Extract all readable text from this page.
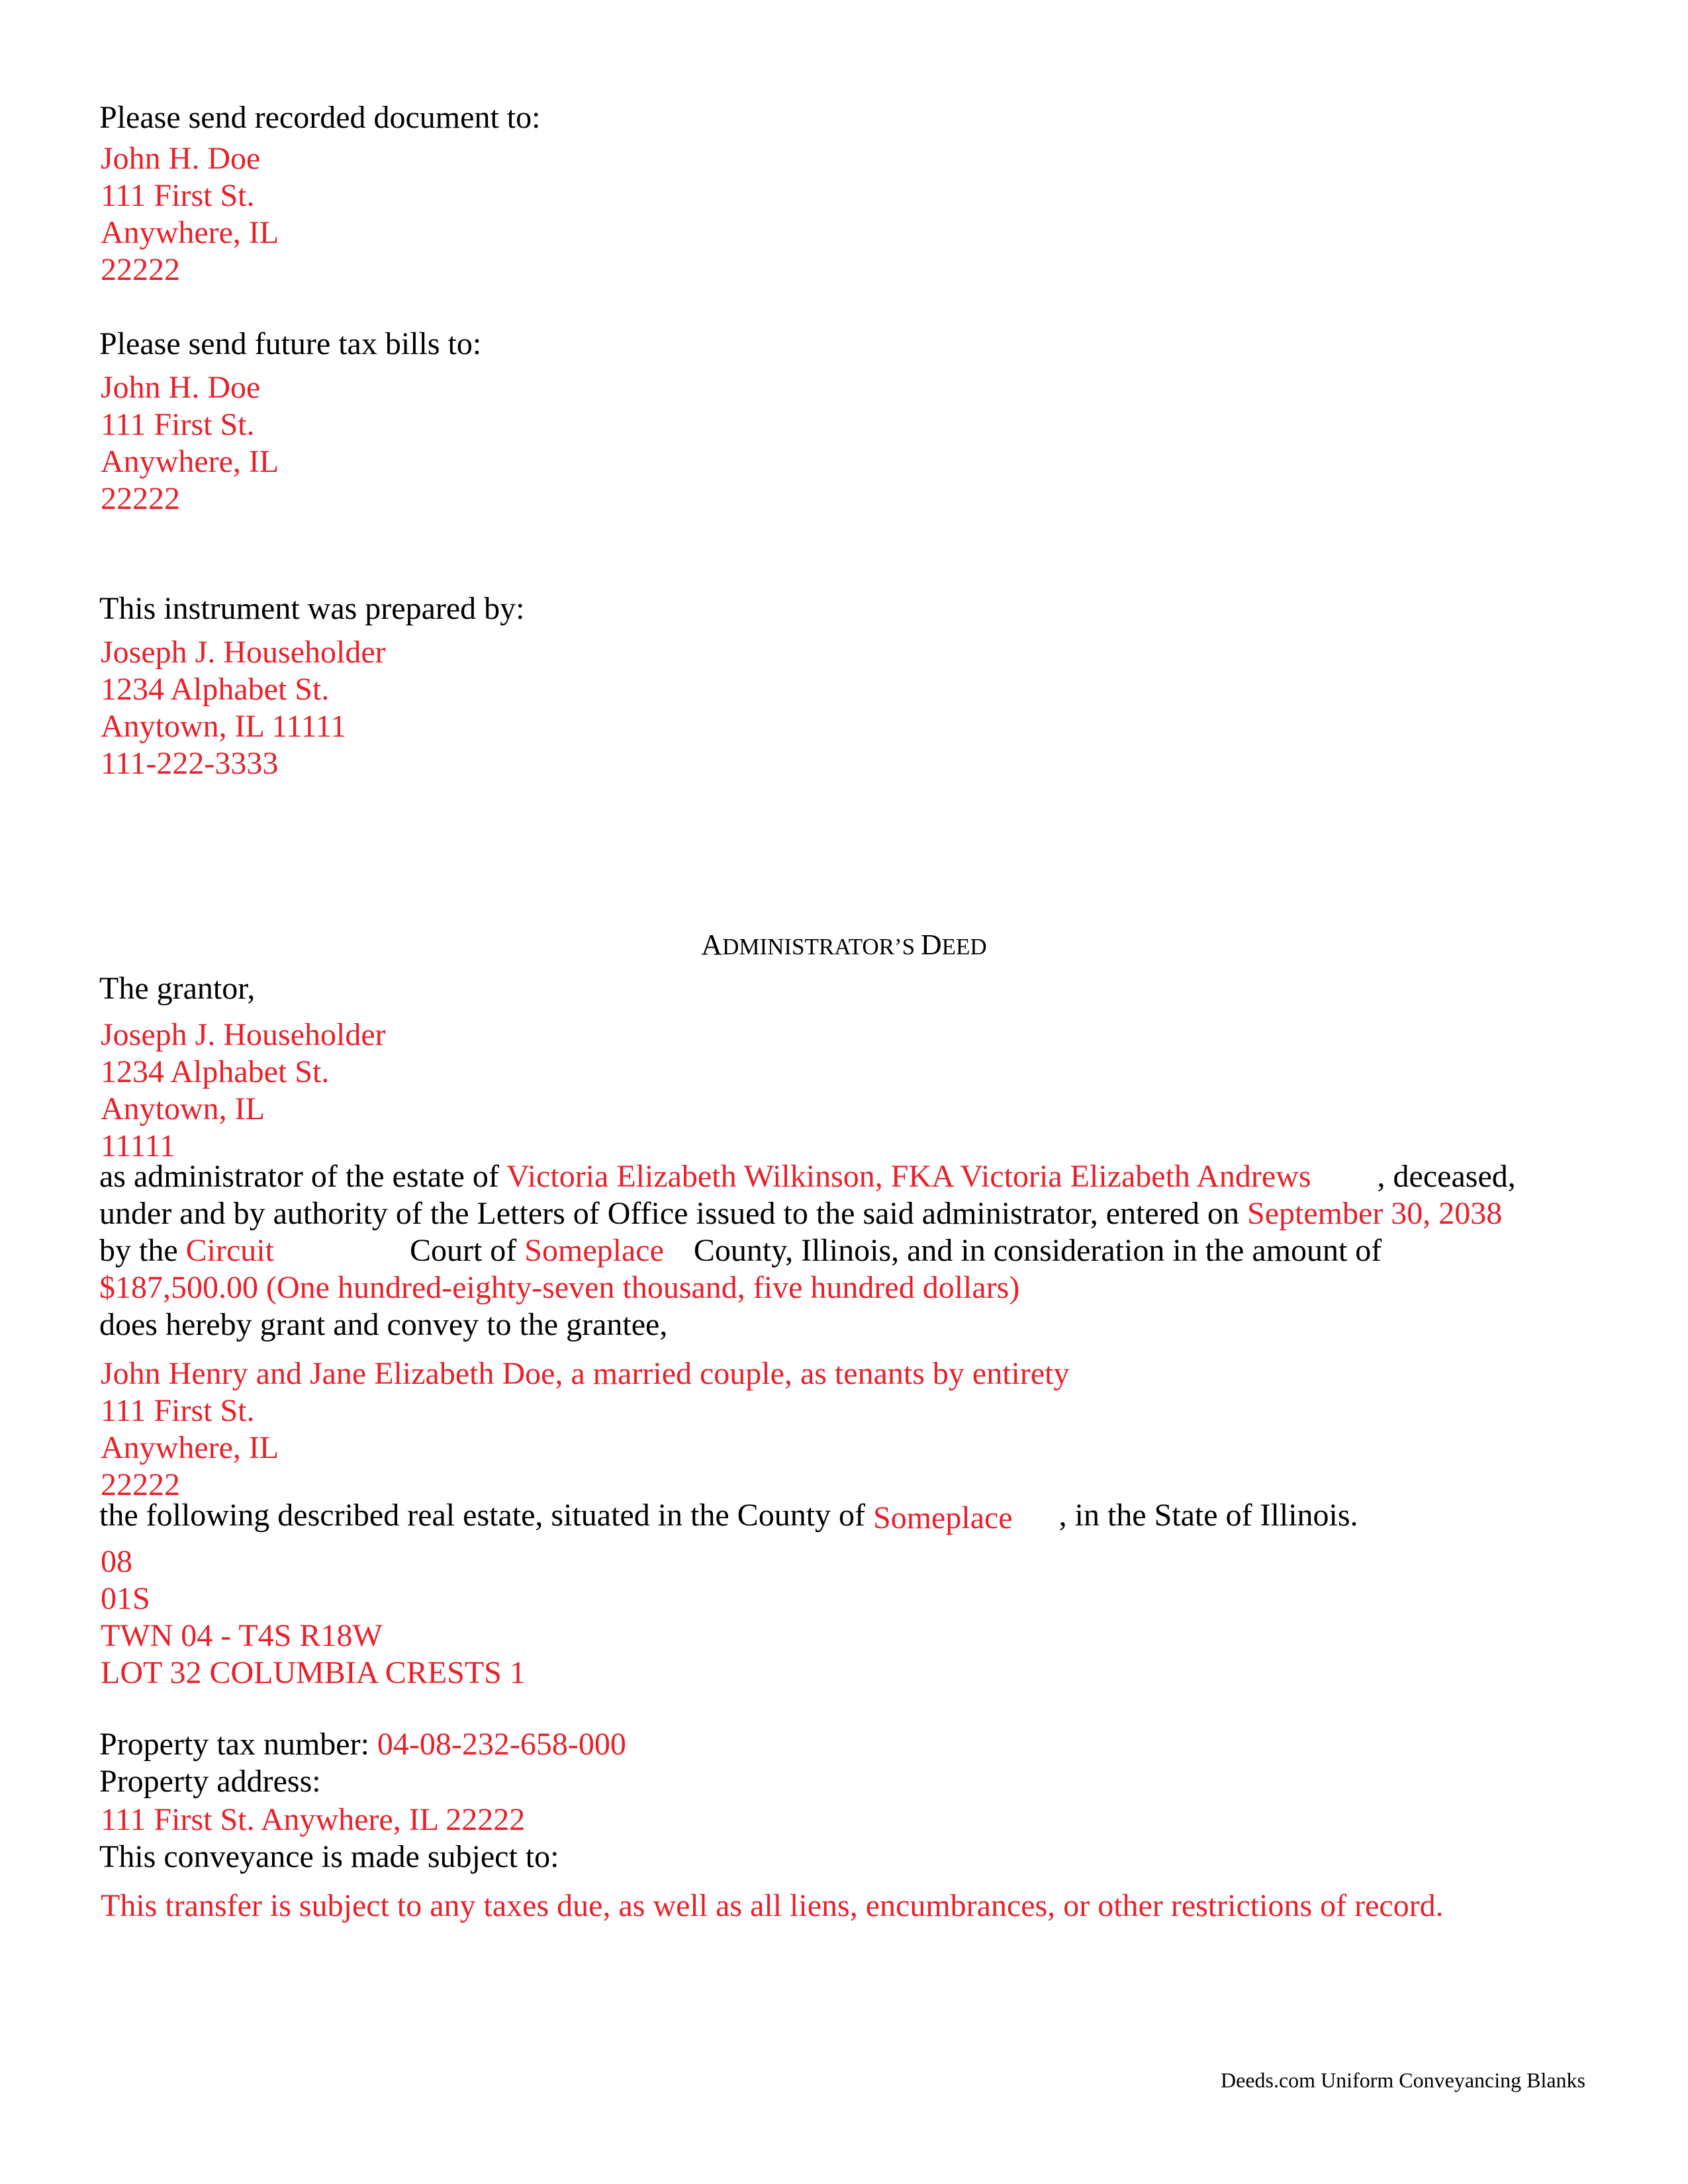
Please send recorded document to:
John H. Doe
111 First St.
Anywhere, IL
22222
Please send future tax bills to:
John H. Doe
111 First St.
Anywhere, IL
22222
This instrument was prepared by:
Joseph J. Householder
1234 Alphabet St.
Anytown, IL 11111
111-222-3333
ADMINISTRATOR’S DEED
The grantor,
Joseph J. Householder
1234 Alphabet St.
Anytown, IL
11111
as administrator of the estate of Victoria Elizabeth Wilkinson, FKA Victoria Elizabeth Andrews , deceased,
under and by authority of the Letters of Office issued to the said administrator, entered on September 30, 2038
by the Circuit	Court of Someplace County, Illinois, and in consideration in the amount of
$187,500.00 (One hundred-eighty-seven thousand, five hundred dollars)
does hereby grant and convey to the grantee,
John Henry and Jane Elizabeth Doe, a married couple, as tenants by entirety
111 First St.
Anywhere, IL
22222
the following described real estate, situated in the County of Someplace , in the State of Illinois.
08
01S
TWN 04 - T4S R18W
LOT 32 COLUMBIA CRESTS 1
Property tax number: 04-08-232-658-000
Property address:
111 First St. Anywhere, IL 22222
This conveyance is made subject to:
This transfer is subject to any taxes due, as well as all liens, encumbrances, or other restrictions of record.
Deeds.com Uniform Conveyancing Blanks
